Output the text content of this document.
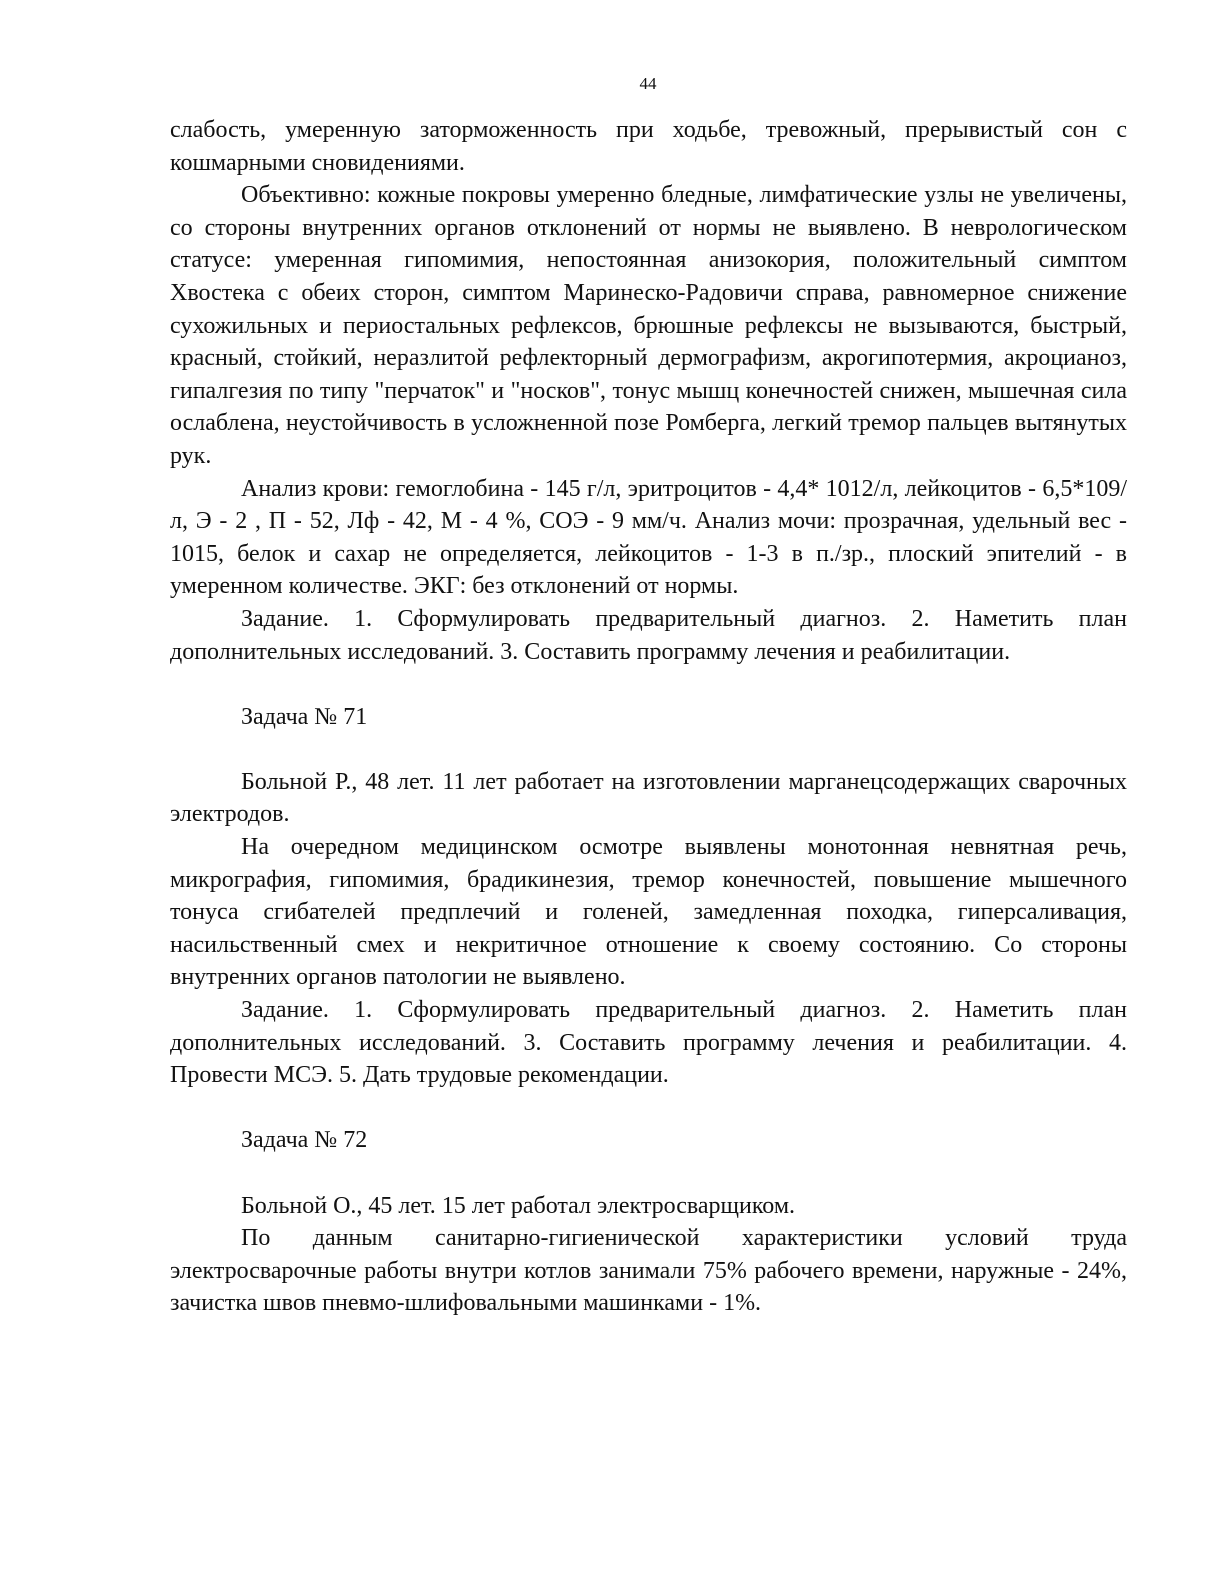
44

слабость, умеренную заторможенность при ходьбе, тревожный, прерывистый сон с кошмарными сновидениями.

Объективно: кожные покровы умеренно бледные, лимфатические узлы не увеличены, со стороны внутренних органов отклонений от нормы не выявлено. В неврологическом статусе: умеренная гипомимия, непостоянная анизокория, положительный симптом Хвостека с обеих сторон, симптом Маринеско-Радовичи справа, равномерное снижение сухожильных и периостальных рефлексов, брюшные рефлексы не вызываются, быстрый, красный, стойкий, неразлитой рефлекторный дермографизм, акрогипотермия, акроцианоз, гипалгезия по типу "перчаток" и "носков", тонус мышц конечностей снижен, мышечная сила ослаблена, неустойчивость в усложненной позе Ромберга, легкий тремор пальцев вытянутых рук.

Анализ крови: гемоглобина - 145 г/л, эритроцитов - 4,4* 1012/л, лейкоцитов - 6,5*109/л, Э - 2 , П - 52, Лф - 42, М - 4 %, СОЭ - 9 мм/ч. Анализ мочи: прозрачная, удельный вес - 1015, белок и сахар не определяется, лейкоцитов - 1-3 в п./зр., плоский эпителий - в умеренном количестве. ЭКГ: без отклонений от нормы.

Задание. 1. Сформулировать предварительный диагноз. 2. Наметить план дополнительных исследований. 3. Составить программу лечения и реабилитации.

Задача № 71

Больной Р., 48 лет. 11 лет работает на изготовлении марганецсодержащих сварочных электродов.

На очередном медицинском осмотре выявлены монотонная невнятная речь, микрография, гипомимия, брадикинезия, тремор конечностей, повышение мышечного тонуса сгибателей предплечий и голеней, замедленная походка, гиперсаливация, насильственный смех и некритичное отношение к своему состоянию. Со стороны внутренних органов патологии не выявлено.

Задание. 1. Сформулировать предварительный диагноз. 2. Наметить план дополнительных исследований. 3. Составить программу лечения и реабилитации. 4. Провести МСЭ. 5. Дать трудовые рекомендации.

Задача № 72

Больной О., 45 лет. 15 лет работал электросварщиком.

По данным санитарно-гигиенической характеристики условий труда электросварочные работы внутри котлов занимали 75% рабочего времени, наружные - 24%, зачистка швов пневмо-шлифовальными машинками - 1%.
